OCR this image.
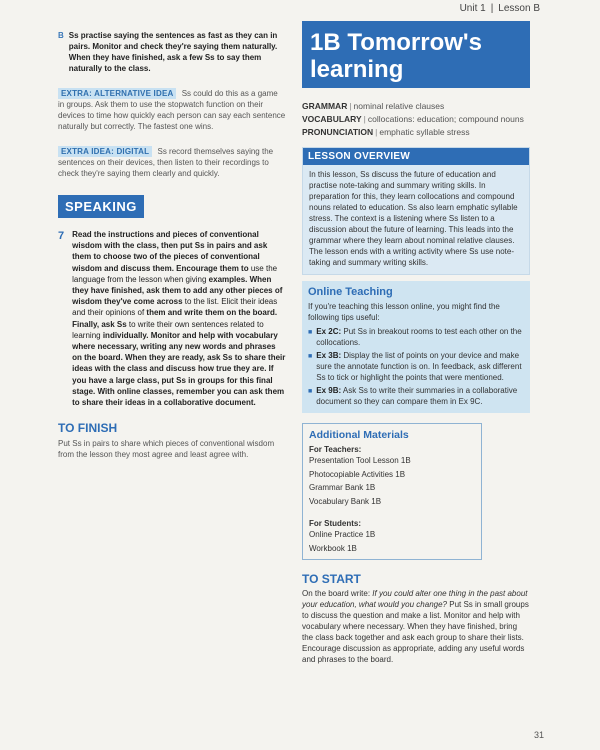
Unit 1 | Lesson B
B Ss practise saying the sentences as fast as they can in pairs. Monitor and check they're saying them naturally. When they have finished, ask a few Ss to say them naturally to the class.
EXTRA: ALTERNATIVE IDEA Ss could do this as a game in groups. Ask them to use the stopwatch function on their devices to time how quickly each person can say each sentence naturally but correctly. The fastest one wins.
EXTRA IDEA: DIGITAL Ss record themselves saying the sentences on their devices, then listen to their recordings to check they're saying them clearly and quickly.
SPEAKING
7 Read the instructions and pieces of conventional wisdom with the class, then put Ss in pairs and ask them to choose two of the pieces of conventional wisdom and discuss them. Encourage them to use the language from the lesson when giving examples. When they have finished, ask them to add any other pieces of wisdom they've come across to the list. Elicit their ideas and their opinions of them and write them on the board. Finally, ask Ss to write their own sentences related to learning individually. Monitor and help with vocabulary where necessary, writing any new words and phrases on the board. When they are ready, ask Ss to share their ideas with the class and discuss how true they are. If you have a large class, put Ss in groups for this final stage. With online classes, remember you can ask them to share their ideas in a collaborative document.
TO FINISH
Put Ss in pairs to share which pieces of conventional wisdom from the lesson they most agree and least agree with.
1B Tomorrow's
learning
GRAMMAR | nominal relative clauses
VOCABULARY | collocations: education; compound nouns
PRONUNCIATION | emphatic syllable stress
LESSON OVERVIEW
In this lesson, Ss discuss the future of education and practise note-taking and summary writing skills. In preparation for this, they learn collocations and compound nouns related to education. Ss also learn emphatic syllable stress. The context is a listening where Ss listen to a discussion about the future of learning. This leads into the grammar where they learn about nominal relative clauses. The lesson ends with a writing activity where Ss use note-taking and summary writing skills.
Online Teaching
If you're teaching this lesson online, you might find the following tips useful:
■ Ex 2C: Put Ss in breakout rooms to test each other on the collocations.
■ Ex 3B: Display the list of points on your device and make sure the annotate function is on. In feedback, ask different Ss to tick or highlight the points that were mentioned.
■ Ex 9B: Ask Ss to write their summaries in a collaborative document so they can compare them in Ex 9C.
Additional Materials
For Teachers:
Presentation Tool Lesson 1B
Photocopiable Activities 1B
Grammar Bank 1B
Vocabulary Bank 1B
For Students:
Online Practice 1B
Workbook 1B
TO START
On the board write: If you could alter one thing in the past about your education, what would you change? Put Ss in small groups to discuss the question and make a list. Monitor and help with vocabulary where necessary. When they have finished, bring the class back together and ask each group to share their lists. Encourage discussion as appropriate, adding any useful words and phrases to the board.
31
